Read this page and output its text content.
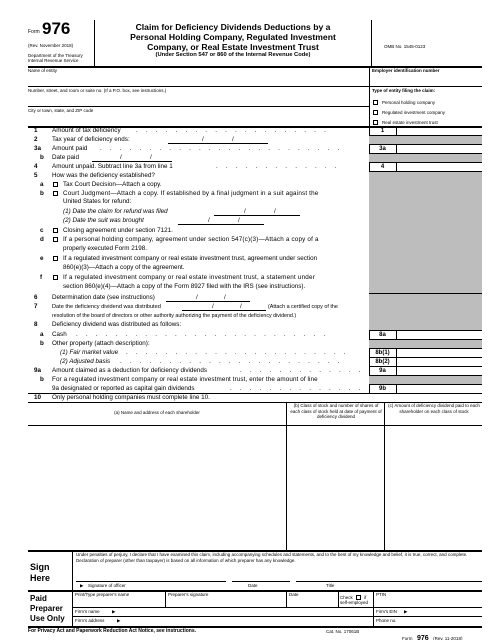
Form 976
(Rev. November 2018)
Department of the Treasury
Internal Revenue Service
Claim for Deficiency Dividends Deductions by a
Personal Holding Company, Regulated Investment
Company, or Real Estate Investment Trust
(Under Section 547 or 860 of the Internal Revenue Code)
OMB No. 1545-0123
Name of entity	Employer identification number
Number, street, and room or suite no. (If a P.O. box, see instructions.)	Type of entity filing the claim:
City or town, state, and ZIP code
Personal holding company
Regulated investment company
Real estate investment trust
1 Amount of tax deficiency . . . . . . . . . . . . . . . . . . . .	1
2 Tax year of deficiency ends:	/	/
3a Amount paid . . . . . . . . . . . . . . . . . . . . . . . . .	3a
b Date paid	/	/
4 Amount unpaid. Subtract line 3a from line 1	. . . . . . . . . . . . .	4
5 How was the deficiency established?
a	Tax Court Decision—Attach a copy.
b	Court Judgment—Attach a copy. If established by a final judgment in a suit against the
United States for refund:
(1) Date the claim for refund was filed	/	/
(2) Date the suit was brought	/	/
c	Closing agreement under section 7121.
d	If a personal holding company, agreement under section 547(c)(3)—Attach a copy of a
properly executed Form 2198.
e	If a regulated investment company or real estate investment trust, agreement under section
860(e)(3)—Attach a copy of the agreement.
f	If a regulated investment company or real estate investment trust, a statement under
section 860(e)(4)—Attach a copy of the Form 8927 filed with the IRS (see instructions).
6 Determination date (see instructions)	/	/
7	Date the deficiency dividend was distributed	/	/	(Attach a certified copy of the
resolution of the board of directors or other authority authorizing the payment of the deficiency dividend.)
8 Deficiency dividend was distributed as follows:
a Cash . . . . . . . . . . . . . . . . . . . . . . . . . .	8a
b Other property (attach description):
(1) Fair market value . . . . . . . . . . . . . . . . . . . . . . .	8b(1)
(2) Adjusted basis . . . . . . . . . . . . . . . . . . . . . . .	8b(2)
9a Amount claimed as a deduction for deficiency dividends	. . . . . . . . . . . . .	9a
b For a regulated investment company or real estate investment trust, enter the amount of line
9a designated or reported as capital gain dividends	. . . . . . . . . . . . . . . 9b
10 Only personal holding companies must complete line 10.
(a) Name and address of each shareholder
(b) Class of stock and number of shares of each class of stock held at date of payment of deficiency dividend
(c) Amount of deficiency dividend paid to each shareholder on each class of stock
Sign
Here
Under penalties of perjury, I declare that I have examined this claim, including accompanying schedules and statements, and to the best of my knowledge and belief, it is true, correct, and complete. Declaration of preparer (other than taxpayer) is based on all information of which preparer has any knowledge.
▶ Signature of officer	Date	Title
Paid
Preparer
Use Only
Print/Type preparer's name	Preparer's signature	Date
Check if
self-employed
PTIN
Firm's name	▶	Firm's EIN ▶
Firm's address	▶	Phone no.
For Privacy Act and Paperwork Reduction Act Notice, see instructions.	Cat. No. 17061B
Form 976 (Rev. 11-2018)
